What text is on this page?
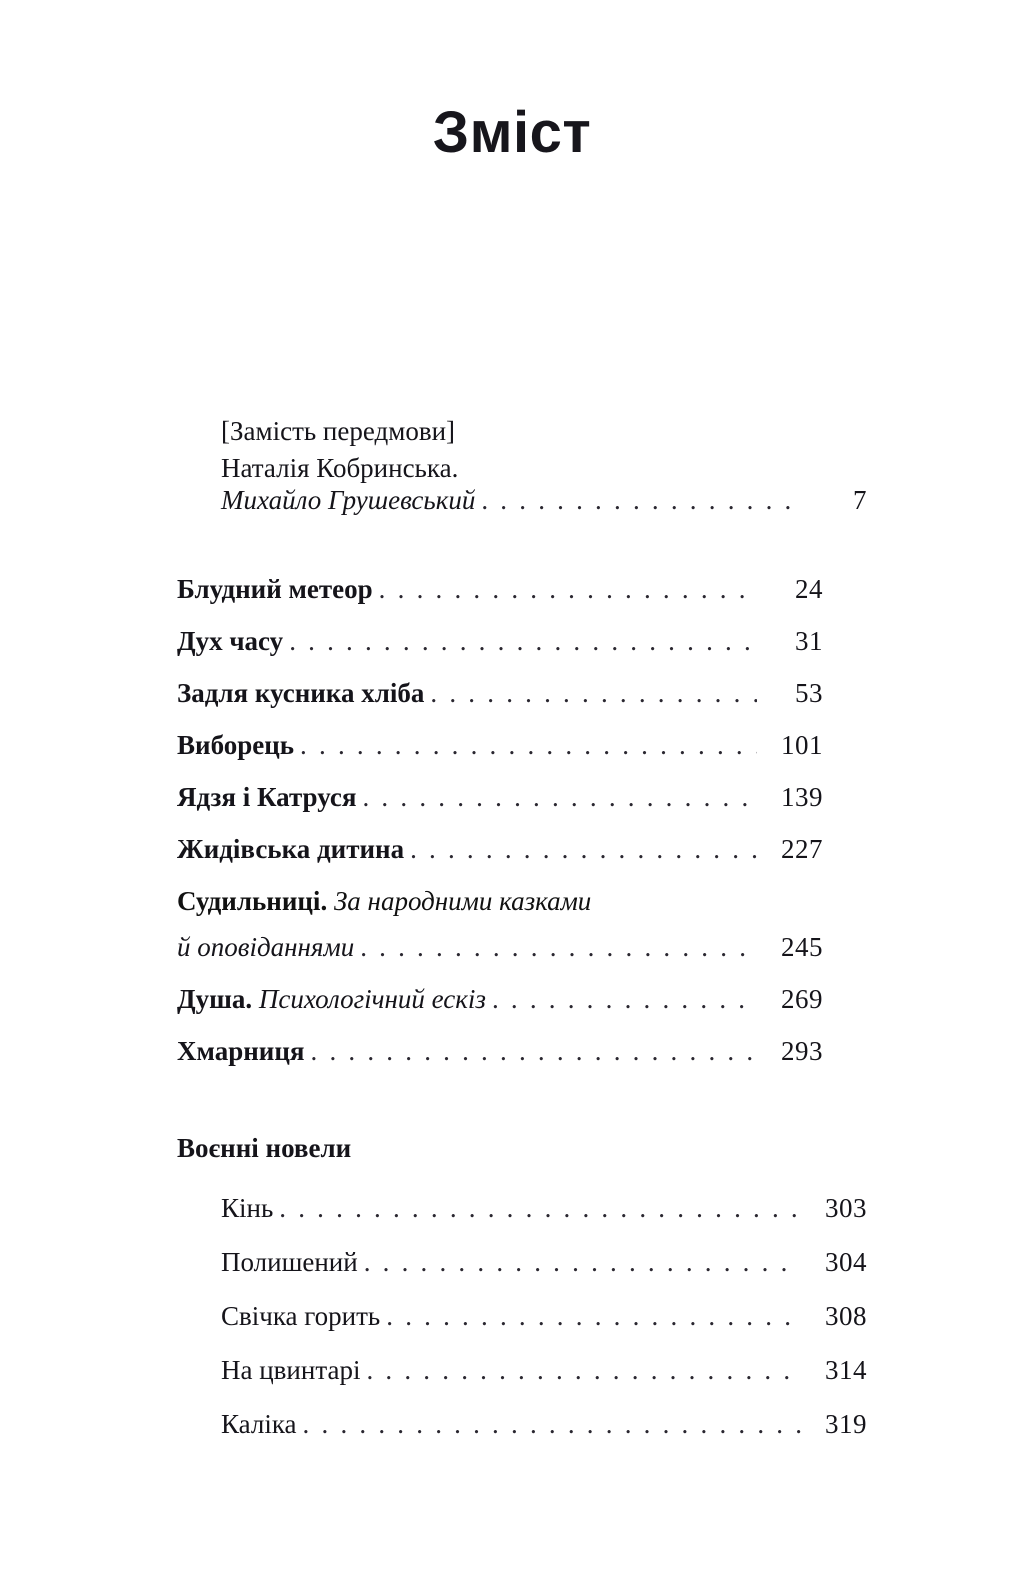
Зміст
[Замість передмови]
Наталія Кобринська.
Михайло Грушевський .....	7
Блудний метеор .....	24
Дух часу .....	31
Задля кусника хліба .....	53
Виборець .....	101
Ядзя і Катруся .....	139
Жидівська дитина .....	227
Судильниці. За народними казками
й оповіданнями .....	245
Душа. Психологічний ескіз .....	269
Хмарниця .....	293
Воєнні новели
Кінь .....	303
Полишений .....	304
Свічка горить .....	308
На цвинтарі .....	314
Каліка .....	319
